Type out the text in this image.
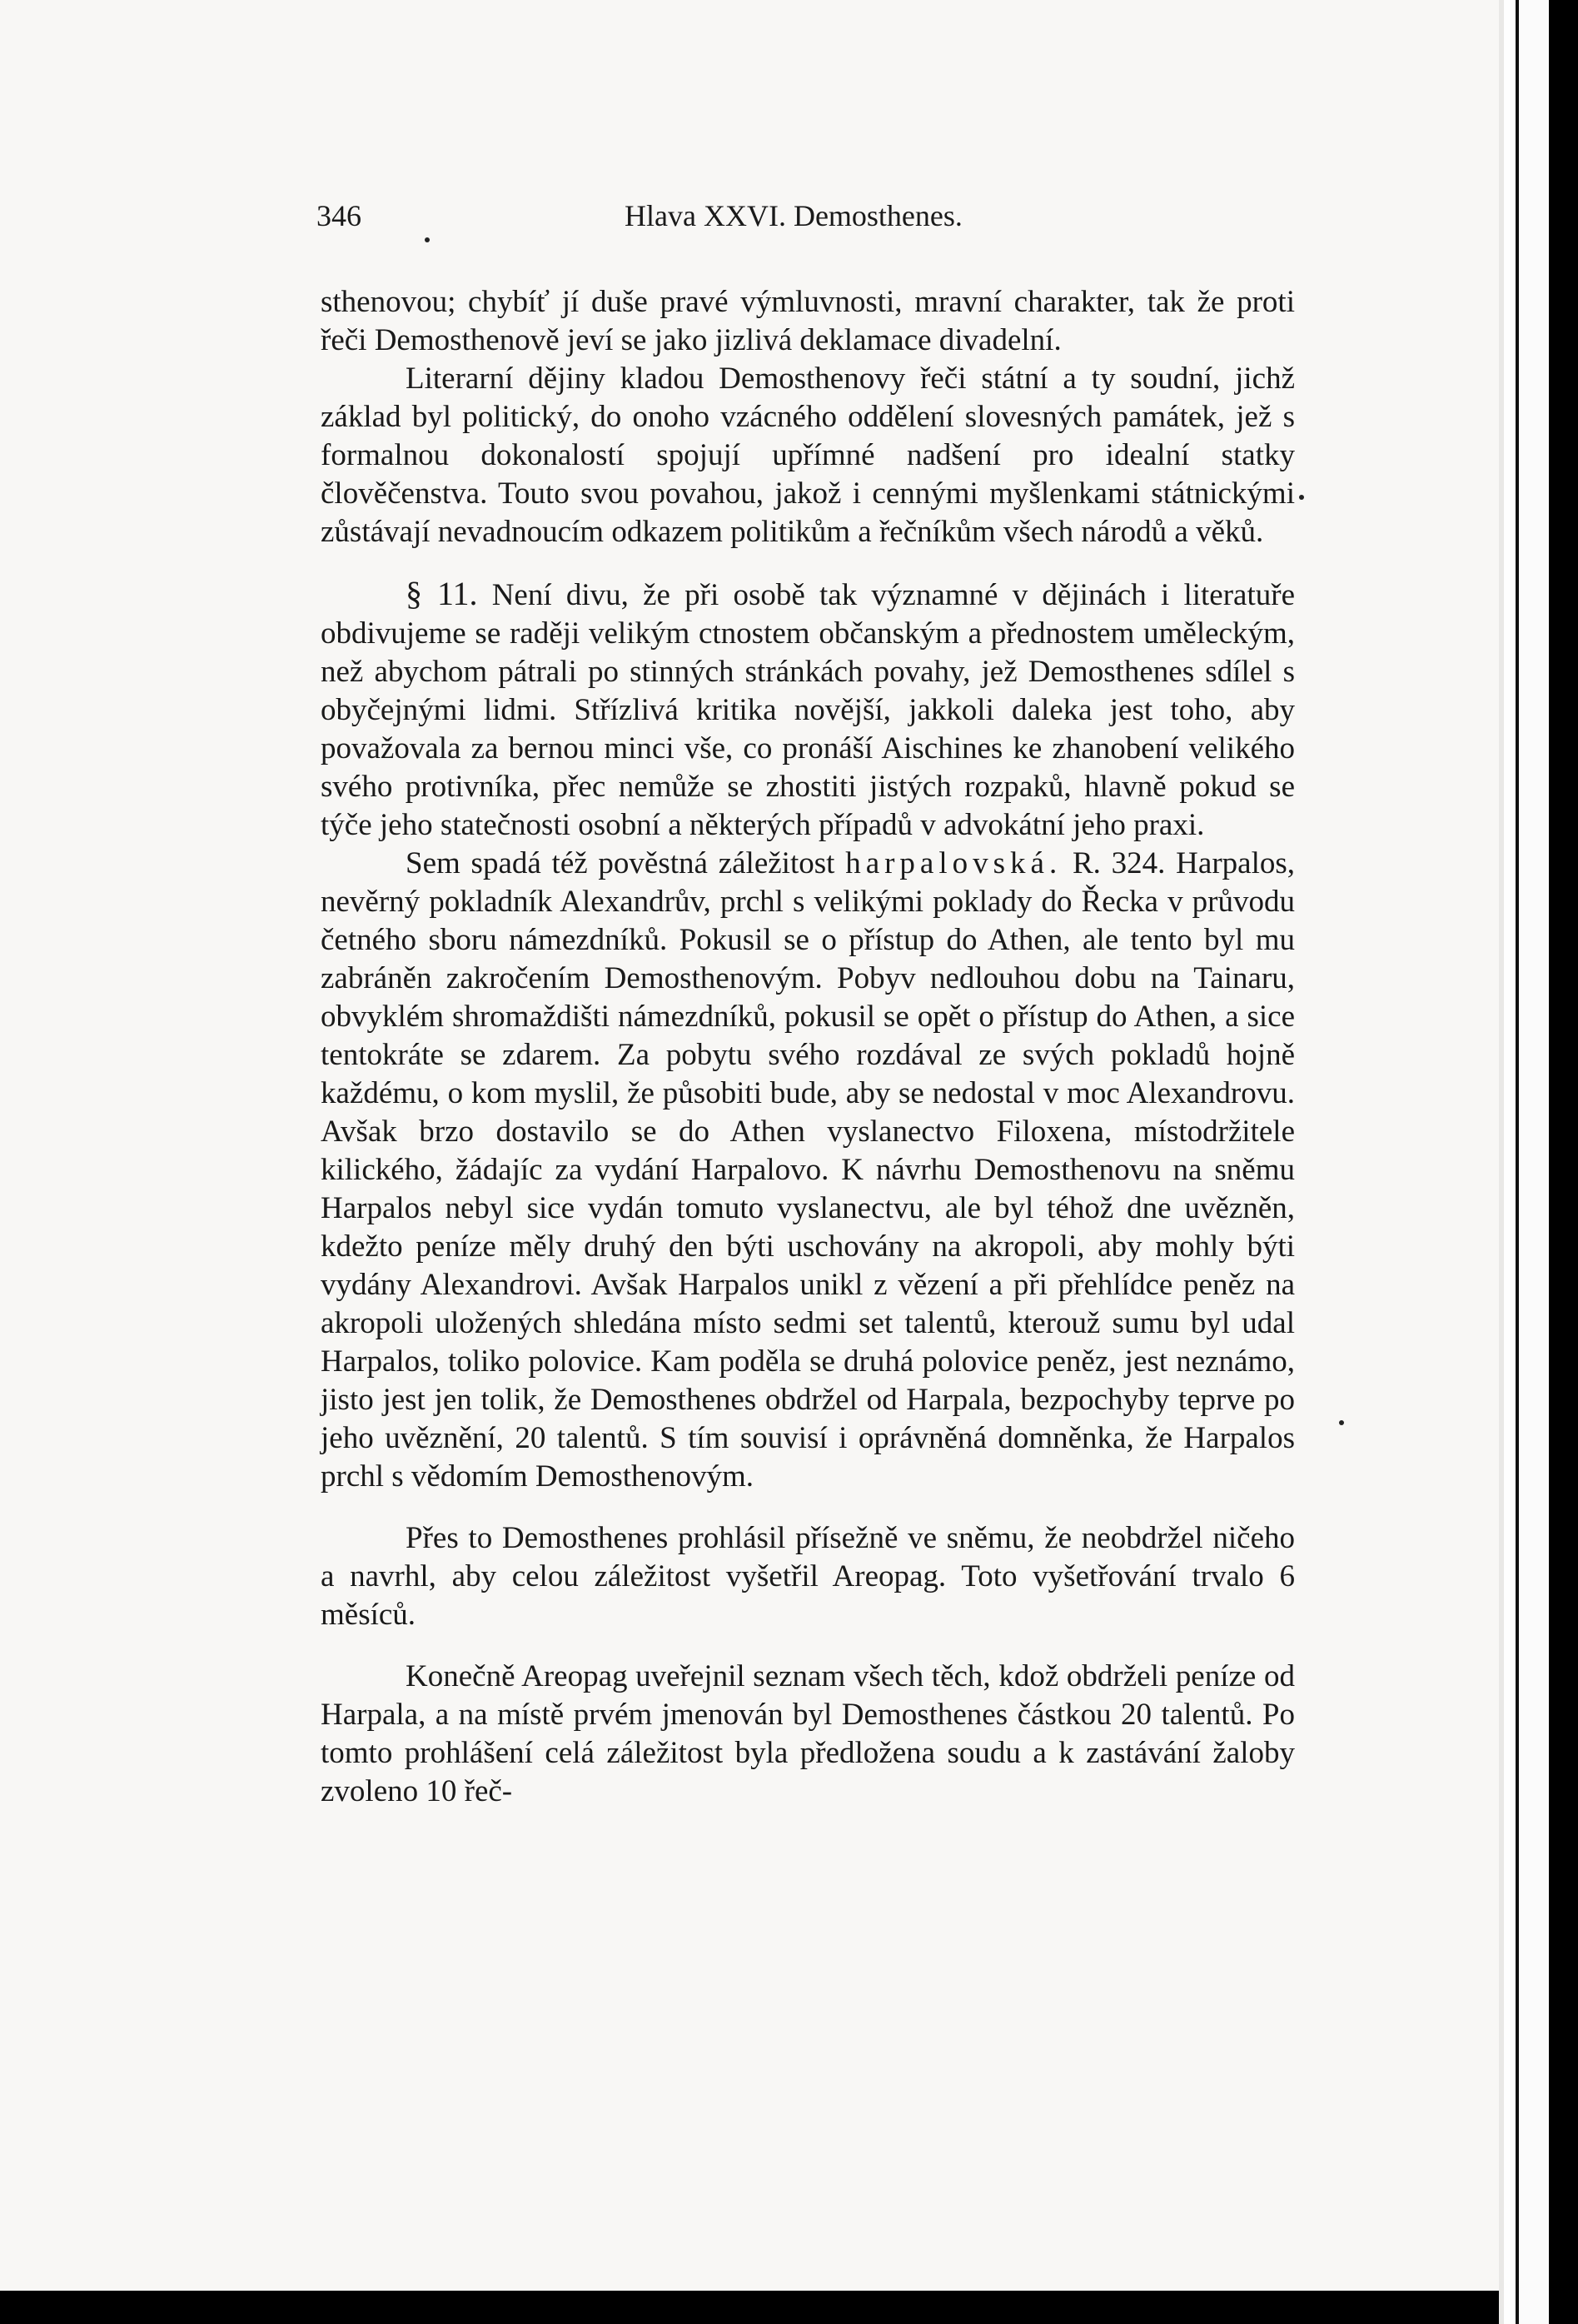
346	Hlava XXVI. Demosthenes.

sthenovou; chybíť jí duše pravé výmluvnosti, mravní charakter, tak že proti řeči Demosthenově jeví se jako jizlivá deklamace divadelní.

Literarní dějiny kladou Demosthenovy řeči státní a ty soudní, jichž základ byl politický, do onoho vzácného oddělení slovesných památek, jež s formalnou dokonalostí spojují upřímné nadšení pro idealní statky člověčenstva. Touto svou povahou, jakož i cennými myšlenkami státnickými zůstávají nevadnoucím odkazem politikům a řečníkům všech národů a věků.

§ 11. Není divu, že při osobě tak významné v dějinách i literatuře obdivujeme se raději velikým ctnostem občanským a přednostem uměleckým, než abychom pátrali po stinných stránkách povahy, jež Demosthenes sdílel s obyčejnými lidmi. Střízlivá kritika novější, jakkoli daleka jest toho, aby považovala za bernou minci vše, co pronáší Aischines ke zhanobení velikého svého protivníka, přec nemůže se zhostiti jistých rozpaků, hlavně pokud se týče jeho statečnosti osobní a některých případů v advokátní jeho praxi.

Sem spadá též pověstná záležitost harpalovská. R. 324. Harpalos, nevěrný pokladník Alexandrův, prchl s velikými poklady do Řecka v průvodu četného sboru námezdníků. Pokusil se o přístup do Athen, ale tento byl mu zabráněn zakročením Demosthenovým. Pobyv nedlouhou dobu na Tainaru, obvyklém shromaždišti námezdníků, pokusil se opět o přístup do Athen, a sice tentokráte se zdarem. Za pobytu svého rozdával ze svých pokladů hojně každému, o kom myslil, že působiti bude, aby se nedostal v moc Alexandrovu. Avšak brzo dostavilo se do Athen vyslanectvo Filoxena, místodržitele kilického, žádajíc za vydání Harpalovo. K návrhu Demosthenovu na sněmu Harpalos nebyl sice vydán tomuto vyslanectvu, ale byl téhož dne uvězněn, kdežto peníze měly druhý den býti uschovány na akropoli, aby mohly býti vydány Alexandrovi. Avšak Harpalos unikl z vězení a při přehlídce peněz na akropoli uložených shledána místo sedmi set talentů, kterouž sumu byl udal Harpalos, toliko polovice. Kam poděla se druhá polovice peněz, jest neznámo, jisto jest jen tolik, že Demosthenes obdržel od Harpala, bezpochyby teprve po jeho uvěznění, 20 talentů. S tím souvisí i oprávněná domněnka, že Harpalos prchl s vědomím Demosthenovým.

Přes to Demosthenes prohlásil přísežně ve sněmu, že neobdržel ničeho a navrhl, aby celou záležitost vyšetřil Areopag. Toto vyšetřování trvalo 6 měsíců.

Konečně Areopag uveřejnil seznam všech těch, kdož obdrželi peníze od Harpala, a na místě prvém jmenován byl Demosthenes částkou 20 talentů. Po tomto prohlášení celá záležitost byla předložena soudu a k zastávání žaloby zvoleno 10 řeč-
